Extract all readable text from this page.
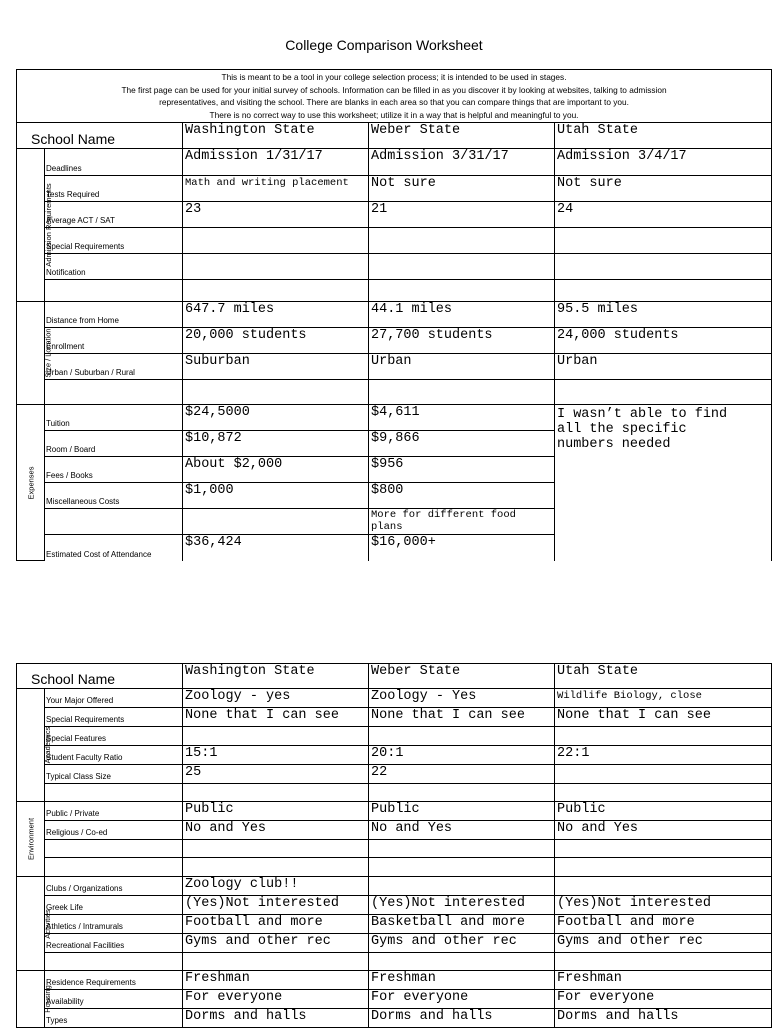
College Comparison Worksheet
This is meant to be a tool in your college selection process; it is intended to be used in stages.
The first page can be used for your initial survey of schools. Information can be filled in as you discover it by looking at websites, talking to admission
representatives, and visiting the school. There are blanks in each area so that you can compare things that are important to you.
There is no correct way to use this worksheet; utilize it in a way that is helpful and meaningful to you.				

School Name		Washington State	Weber State	Utah State

Admission Requirements	Deadlines	Admission 1/31/17	Admission 3/31/17	Admission 3/4/17
	Tests Required	Math and writing placement	Not sure	Not sure
	Average ACT / SAT	23	21	24
	Special Requirements			
	Notification			

Size / Location	Distance from Home	647.7 miles	44.1 miles	95.5 miles
	Enrollment	20,000 students	27,700 students	24,000 students
	Urban / Suburban / Rural	Suburban	Urban	Urban

Expenses	Tuition	$24,5000	$4,611	I wasn’t able to find all the specific numbers needed
	Room / Board	$10,872	$9,866	
	Fees / Books	About $2,000	$956	
	Miscellaneous Costs	$1,000	$800	
			More for different food plans	
	Estimated Cost of Attendance	$36,424	$16,000+	
School Name		Washington State	Weber State	Utah State

Academics	Your Major Offered	Zoology - yes	Zoology - Yes	Wildlife Biology, close
	Special Requirements	None that I can see	None that I can see	None that I can see
	Special Features			
	Student Faculty Ratio	15:1	20:1	22:1
	Typical Class Size	25	22	

Environment	Public / Private	Public	Public	Public
	Religious / Co-ed	No and Yes	No and Yes	No and Yes

Activities	Clubs / Organizations	Zoology club!!		
	Greek Life	(Yes)Not interested	(Yes)Not interested	(Yes)Not interested
	Athletics / Intramurals	Football and more	Basketball and more	Football and more
	Recreational Facilities	Gyms and other rec	Gyms and other rec	Gyms and other rec

Housing	Residence Requirements	Freshman	Freshman	Freshman
	Availability	For everyone	For everyone	For everyone
	Types	Dorms and halls	Dorms and halls	Dorms and halls
